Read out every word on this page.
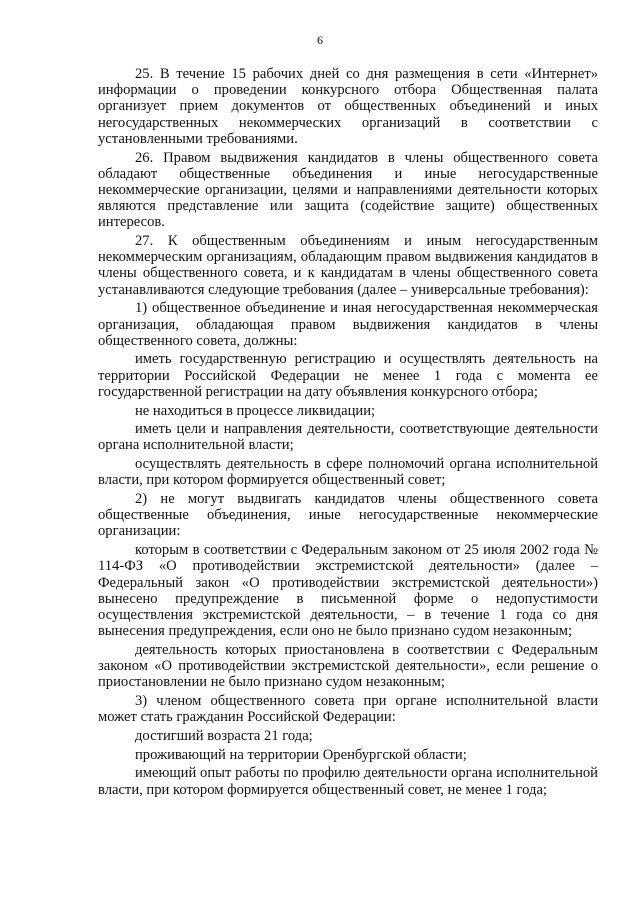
6

25. В течение 15 рабочих дней со дня размещения в сети «Интернет» информации о проведении конкурсного отбора Общественная палата организует прием документов от общественных объединений и иных негосударственных некоммерческих организаций в соответствии с установленными требованиями.

26. Правом выдвижения кандидатов в члены общественного совета обладают общественные объединения и иные негосударственные некоммерческие организации, целями и направлениями деятельности которых являются представление или защита (содействие защите) общественных интересов.

27. К общественным объединениям и иным негосударственным некоммерческим организациям, обладающим правом выдвижения кандидатов в члены общественного совета, и к кандидатам в члены общественного совета устанавливаются следующие требования (далее – универсальные требования):

1) общественное объединение и иная негосударственная некоммерческая организация, обладающая правом выдвижения кандидатов в члены общественного совета, должны:

иметь государственную регистрацию и осуществлять деятельность на территории Российской Федерации не менее 1 года с момента ее государственной регистрации на дату объявления конкурсного отбора;

не находиться в процессе ликвидации;

иметь цели и направления деятельности, соответствующие деятельности органа исполнительной власти;

осуществлять деятельность в сфере полномочий органа исполнительной власти, при котором формируется общественный совет;

2) не могут выдвигать кандидатов члены общественного совета общественные объединения, иные негосударственные некоммерческие организации:

которым в соответствии с Федеральным законом от 25 июля 2002 года № 114-ФЗ «О противодействии экстремистской деятельности» (далее – Федеральный закон «О противодействии экстремистской деятельности») вынесено предупреждение в письменной форме о недопустимости осуществления экстремистской деятельности, – в течение 1 года со дня вынесения предупреждения, если оно не было признано судом незаконным;

деятельность которых приостановлена в соответствии с Федеральным законом «О противодействии экстремистской деятельности», если решение о приостановлении не было признано судом незаконным;

3) членом общественного совета при органе исполнительной власти может стать гражданин Российской Федерации:

достигший возраста 21 года;

проживающий на территории Оренбургской области;

имеющий опыт работы по профилю деятельности органа исполнительной власти, при котором формируется общественный совет, не менее 1 года;
